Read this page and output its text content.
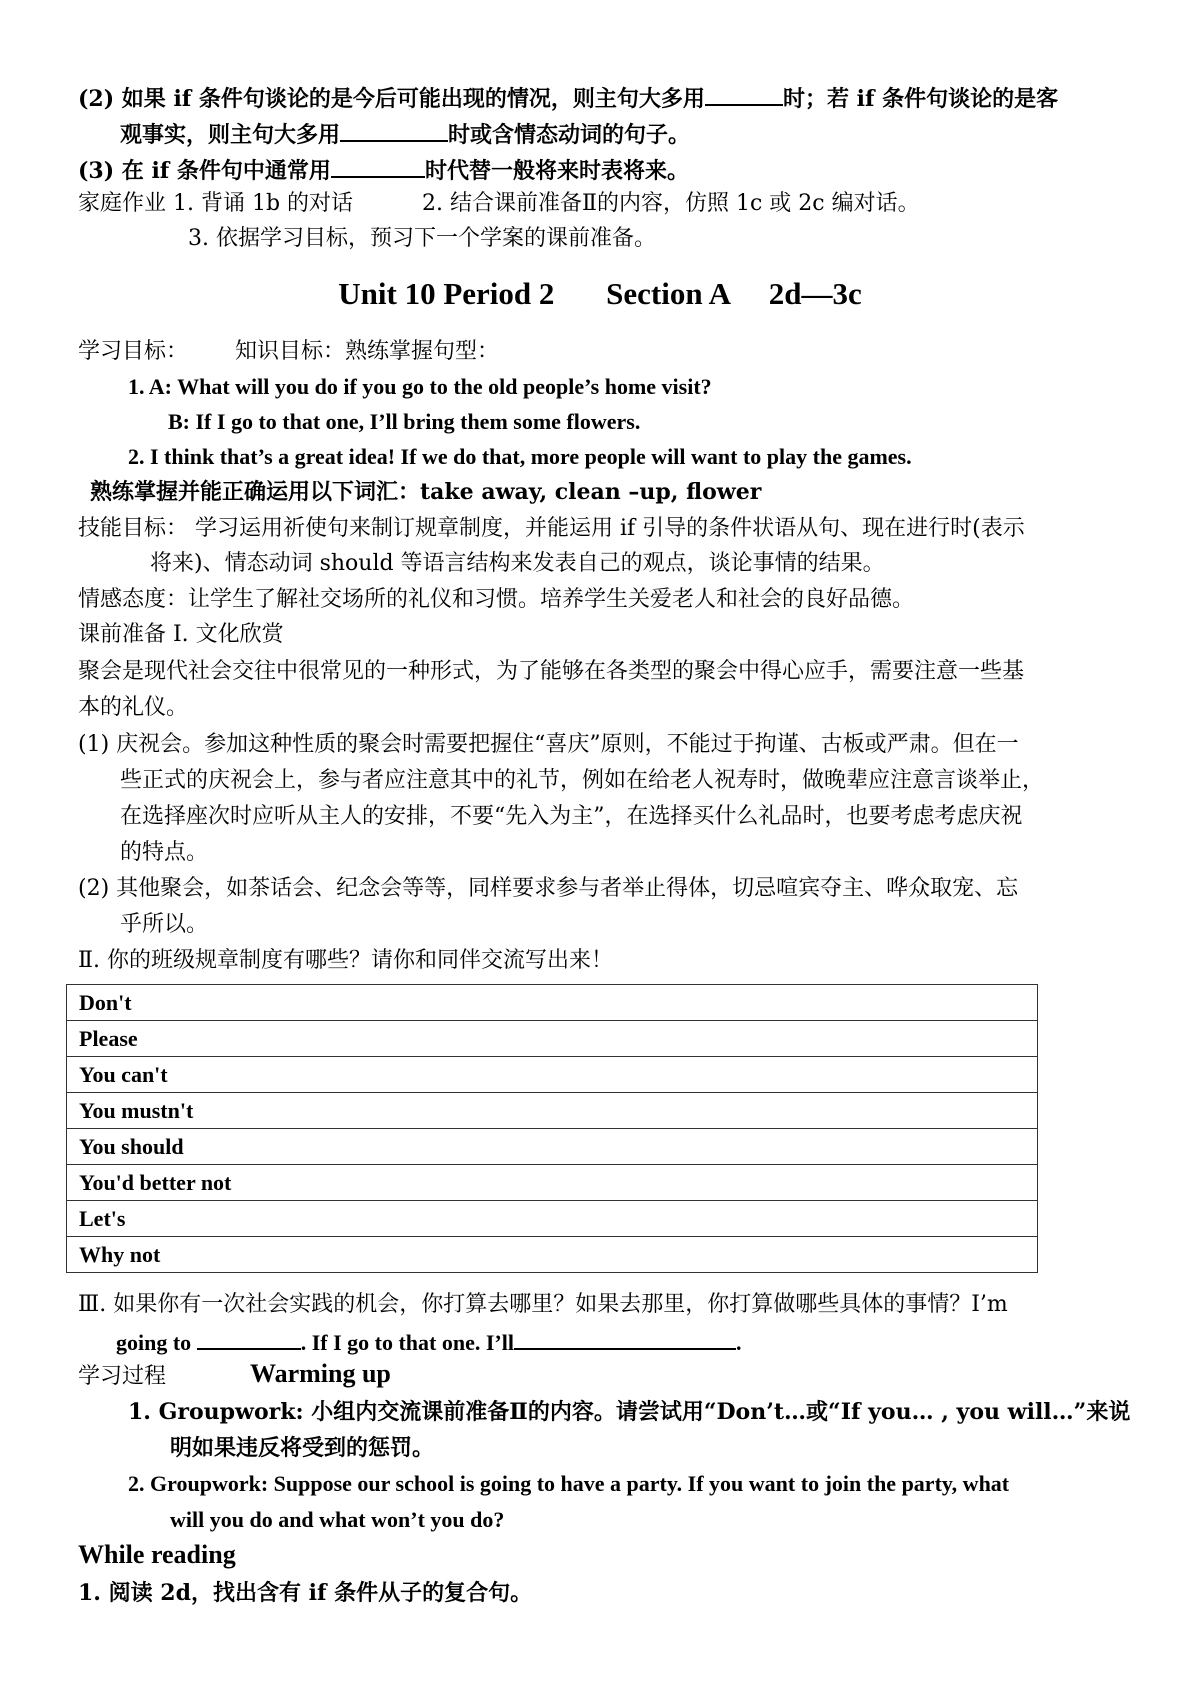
(2) 如果 if 条件句谈论的是今后可能出现的情况，则主句大多用	时；若 if 条件句谈论的是客
观事实，则主句大多用	时或含情态动词的句子。
(3) 在 if 条件句中通常用	时代替一般将来时表将来。
家庭作业 1. 背诵 1b 的对话	2. 结合课前准备Ⅱ的内容，仿照 1c 或 2c 编对话。
3. 依据学习目标，预习下一个学案的课前准备。
Unit 10 Period 2 Section A 2d—3c
学习目标： 知识目标：熟练掌握句型：
1. A: What will you do if you go to the old people’s home visit?
B: If I go to that one, I’ll bring them some flowers.
2. I think that’s a great idea! If we do that, more people will want to play the games.
熟练掌握并能正确运用以下词汇：take away, clean –up, flower
技能目标： 学习运用祈使句来制订规章制度，并能运用 if 引导的条件状语从句、现在进行时(表示
将来)、情态动词 should 等语言结构来发表自己的观点，谈论事情的结果。
情感态度：让学生了解社交场所的礼仪和习惯。培养学生关爱老人和社会的良好品德。
课前准备 Ⅰ. 文化欣赏
聚会是现代社会交往中很常见的一种形式，为了能够在各类型的聚会中得心应手，需要注意一些基
本的礼仪。
(1) 庆祝会。参加这种性质的聚会时需要把握住“喜庆”原则，不能过于拘谨、古板或严肃。但在一
些正式的庆祝会上，参与者应注意其中的礼节，例如在给老人祝寿时，做晚辈应注意言谈举止，
在选择座次时应听从主人的安排，不要“先入为主”，在选择买什么礼品时，也要考虑考虑庆祝
的特点。
(2) 其他聚会，如茶话会、纪念会等等，同样要求参与者举止得体，切忌喧宾夺主、哗众取宠、忘
乎所以。
Ⅱ. 你的班级规章制度有哪些？请你和同伴交流写出来！
Don't
Please
You can't
You mustn't
You should
You'd better not
Let's
Why not
Ⅲ. 如果你有一次社会实践的机会，你打算去哪里？如果去那里，你打算做哪些具体的事情？I’m
going to	. If I go to that one. I’ll	.
学习过程	Warming up
1. Groupwork: 小组内交流课前准备Ⅱ的内容。请尝试用“Don’t…或“If you… , you will…”来说
明如果违反将受到的惩罚。
2. Groupwork: Suppose our school is going to have a party. If you want to join the party, what
will you do and what won’t you do?
While reading
1. 阅读 2d，找出含有 if 条件从子的复合句。
